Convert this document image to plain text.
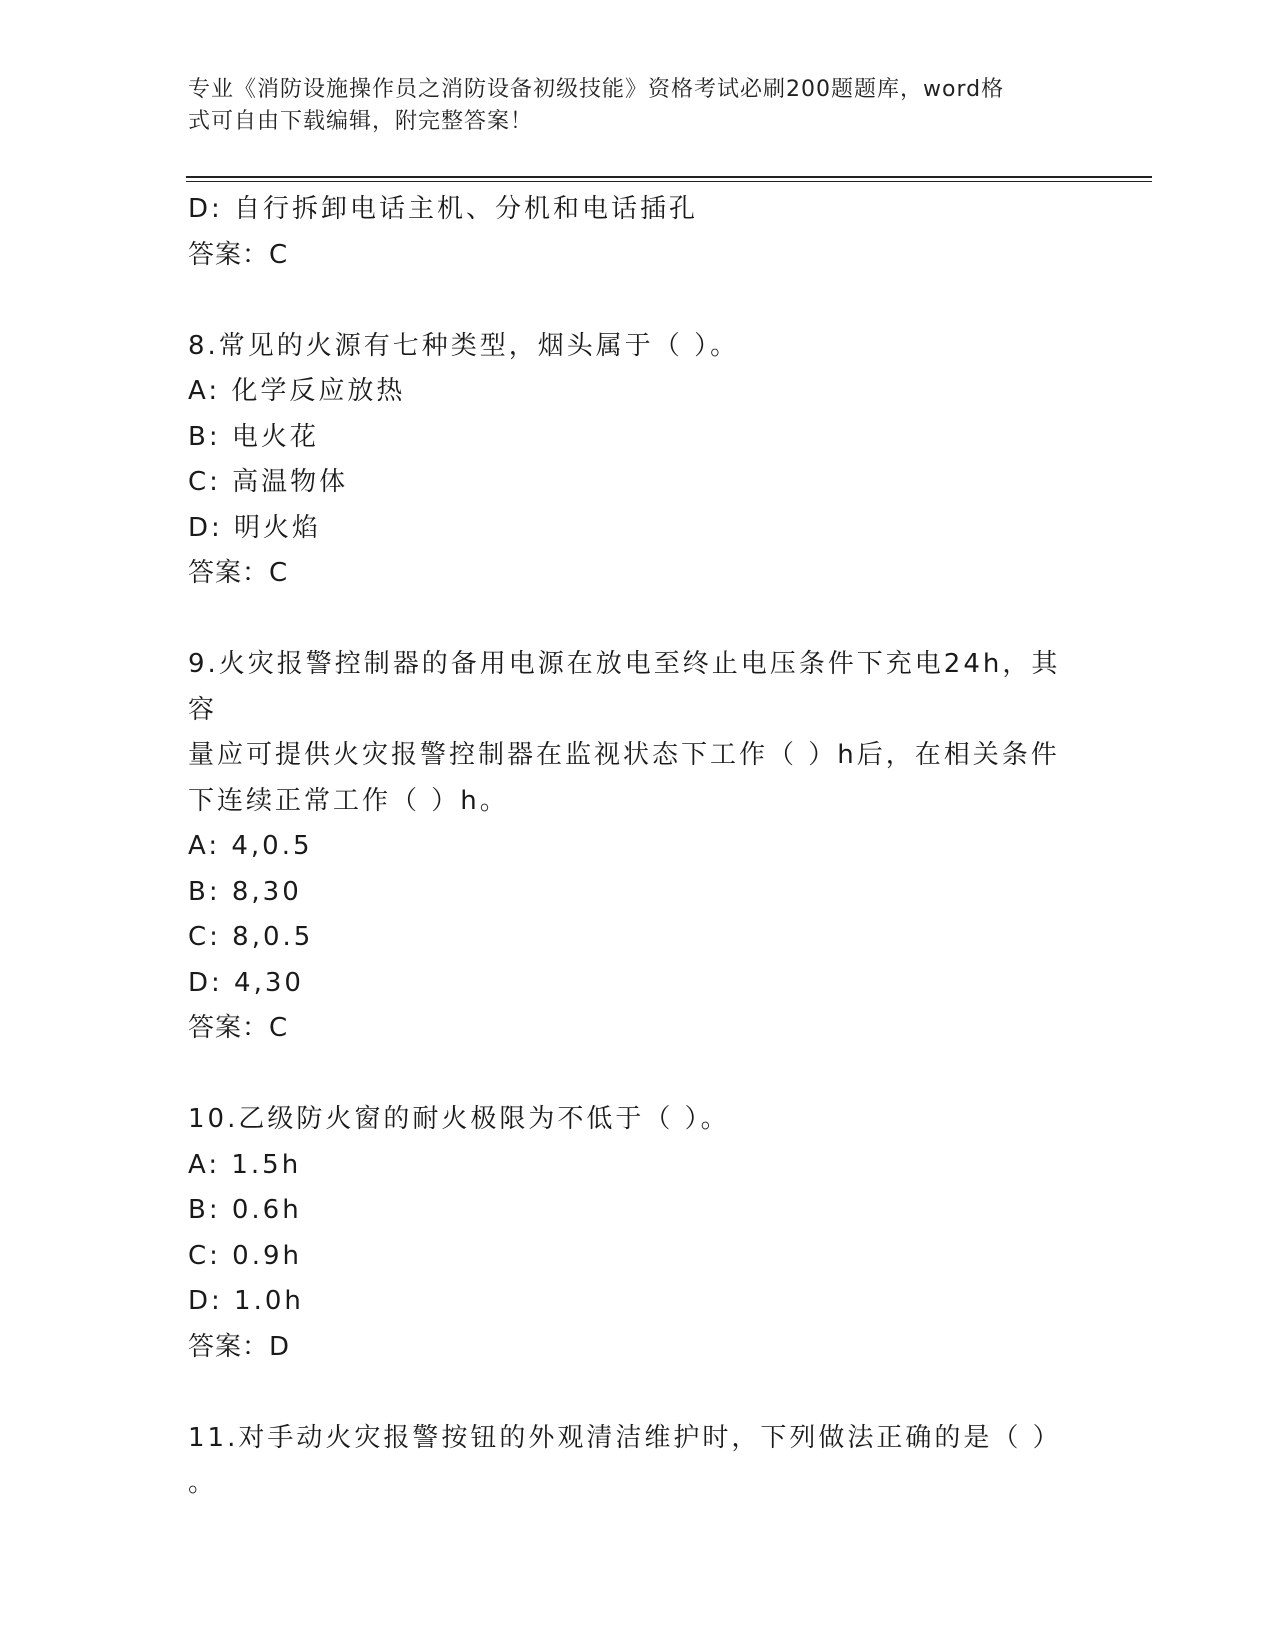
专业《消防设施操作员之消防设备初级技能》资格考试必刷200题题库，word格
式可自由下载编辑，附完整答案！
D: 自行拆卸电话主机、分机和电话插孔
答案：C
8.常见的火源有七种类型，烟头属于（ ）。
A: 化学反应放热
B: 电火花
C: 高温物体
D: 明火焰
答案：C
9.火灾报警控制器的备用电源在放电至终止电压条件下充电24h，其容
量应可提供火灾报警控制器在监视状态下工作（ ）h后，在相关条件
下连续正常工作（ ）h。
A: 4,0.5
B: 8,30
C: 8,0.5
D: 4,30
答案：C
10.乙级防火窗的耐火极限为不低于（ ）。
A: 1.5h
B: 0.6h
C: 0.9h
D: 1.0h
答案：D
11.对手动火灾报警按钮的外观清洁维护时，下列做法正确的是（ ）
。
